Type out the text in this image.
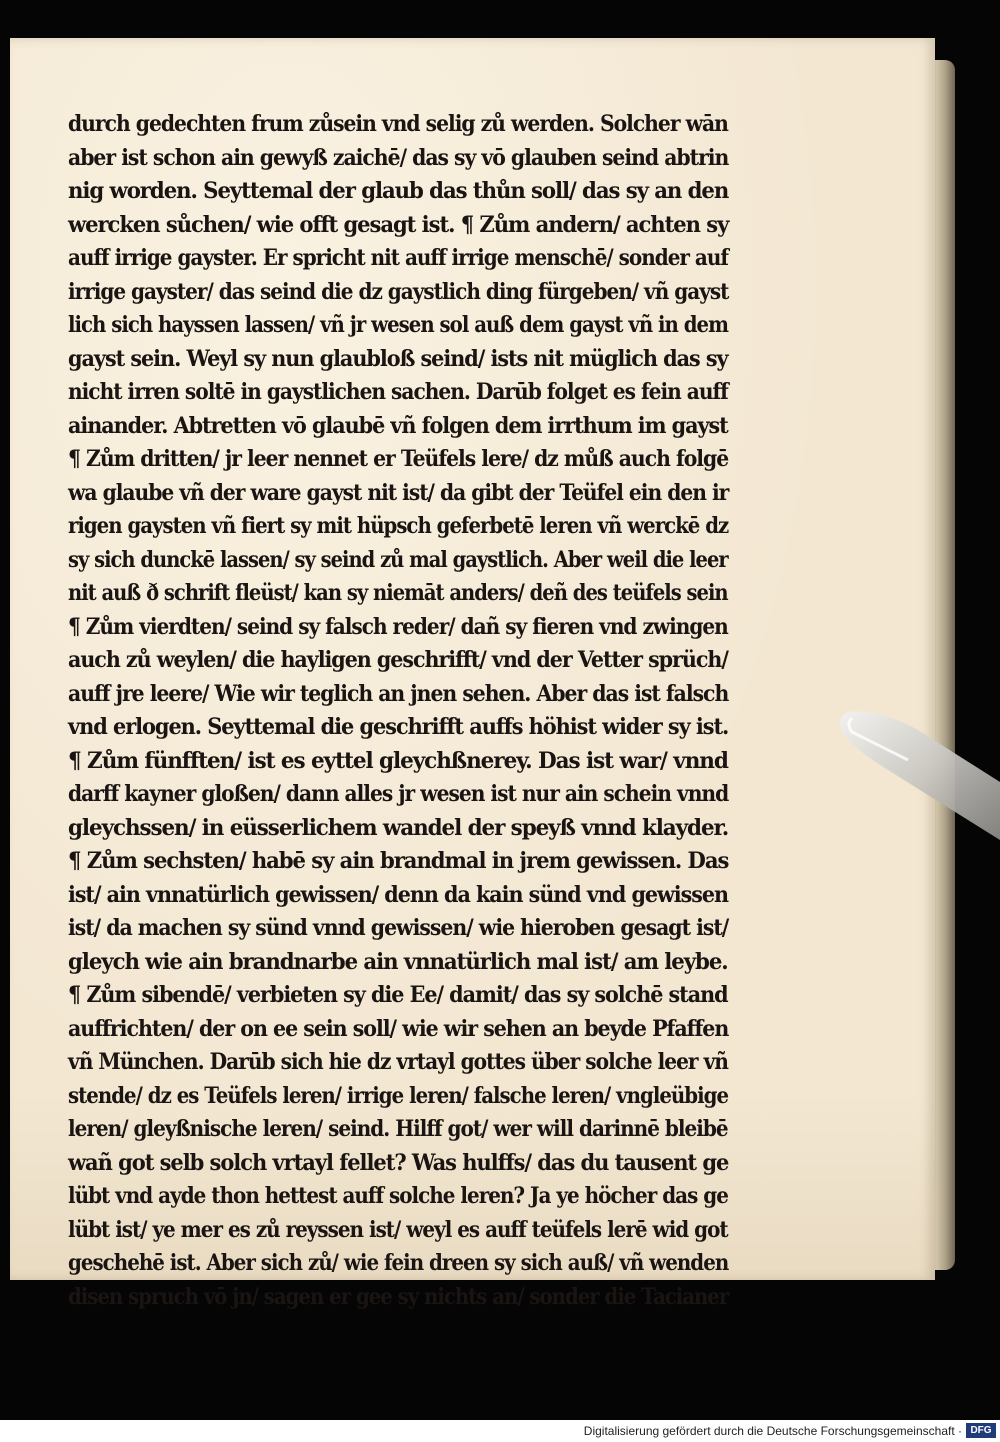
durch gedechten frum zůsein vnd selig zů werden. Solcher wān
aber ist schon ain gewyß zaichē/ das sy vō glauben seind abtrin
nig worden. Seyttemal der glaub das thůn soll/ das sy an den
wercken sůchen/ wie offt gesagt ist. ¶ Zům andern/ achten sy
auff irrige gayster. Er spricht nit auff irrige menschē/ sonder auf
irrige gayster/ das seind die dz gaystlich ding fürgeben/ vñ gayst
lich sich hayssen lassen/ vñ jr wesen sol auß dem gayst vñ in dem
gayst sein. Weyl sy nun glaubloß seind/ ists nit müglich das sy
nicht irren soltē in gaystlichen sachen. Darūb folget es fein auff
ainander. Abtretten vō glaubē vñ folgen dem irrthum im gayst
¶ Zům dritten/ jr leer nennet er Teüfels lere/ dz můß auch folgē
wa glaube vñ der ware gayst nit ist/ da gibt der Teüfel ein den ir
rigen gaysten vñ fiert sy mit hüpsch geferbetē leren vñ werckē dz
sy sich dunckē lassen/ sy seind zů mal gaystlich. Aber weil die leer
nit auß ð schrift fleüst/ kan sy niemāt anders/ deñ des teüfels sein
¶ Zům vierdten/ seind sy falsch reder/ dañ sy fieren vnd zwingen
auch zů weylen/ die hayligen geschrifft/ vnd der Vetter sprüch/
auff jre leere/ Wie wir teglich an jnen sehen. Aber das ist falsch
vnd erlogen. Seyttemal die geschrifft auffs höhist wider sy ist.
¶ Zům fünfften/ ist es eyttel gleychßnerey. Das ist war/ vnnd
darff kayner gloßen/ dann alles jr wesen ist nur ain schein vnnd
gleychssen/ in eüsserlichem wandel der speyß vnnd klayder.
¶ Zům sechsten/ habē sy ain brandmal in jrem gewissen. Das
ist/ ain vnnatürlich gewissen/ denn da kain sünd vnd gewissen
ist/ da machen sy sünd vnnd gewissen/ wie hieroben gesagt ist/
gleych wie ain brandnarbe ain vnnatürlich mal ist/ am leybe.
¶ Zům sibendē/ verbieten sy die Ee/ damit/ das sy solchē stand
auffrichten/ der on ee sein soll/ wie wir sehen an beyde Pfaffen
vñ München. Darūb sich hie dz vrtayl gottes über solche leer vñ
stende/ dz es Teüfels leren/ irrige leren/ falsche leren/ vngleübige
leren/ gleyßnische leren/ seind. Hilff got/ wer will darinnē bleibē
wañ got selb solch vrtayl fellet? Was hulffs/ das du tausent ge
lübt vnd ayde thon hettest auff solche leren? Ja ye höcher das ge
lübt ist/ ye mer es zů reyssen ist/ weyl es auff teüfels lerē wid got
geschehē ist. Aber sich zů/ wie fein dreen sy sich auß/ vñ wenden
disen spruch vō jn/ sagen er gee sy nichts an/ sonder die Tacianer
Digitalisierung gefördert durch die Deutsche Forschungsgemeinschaft · DFG
